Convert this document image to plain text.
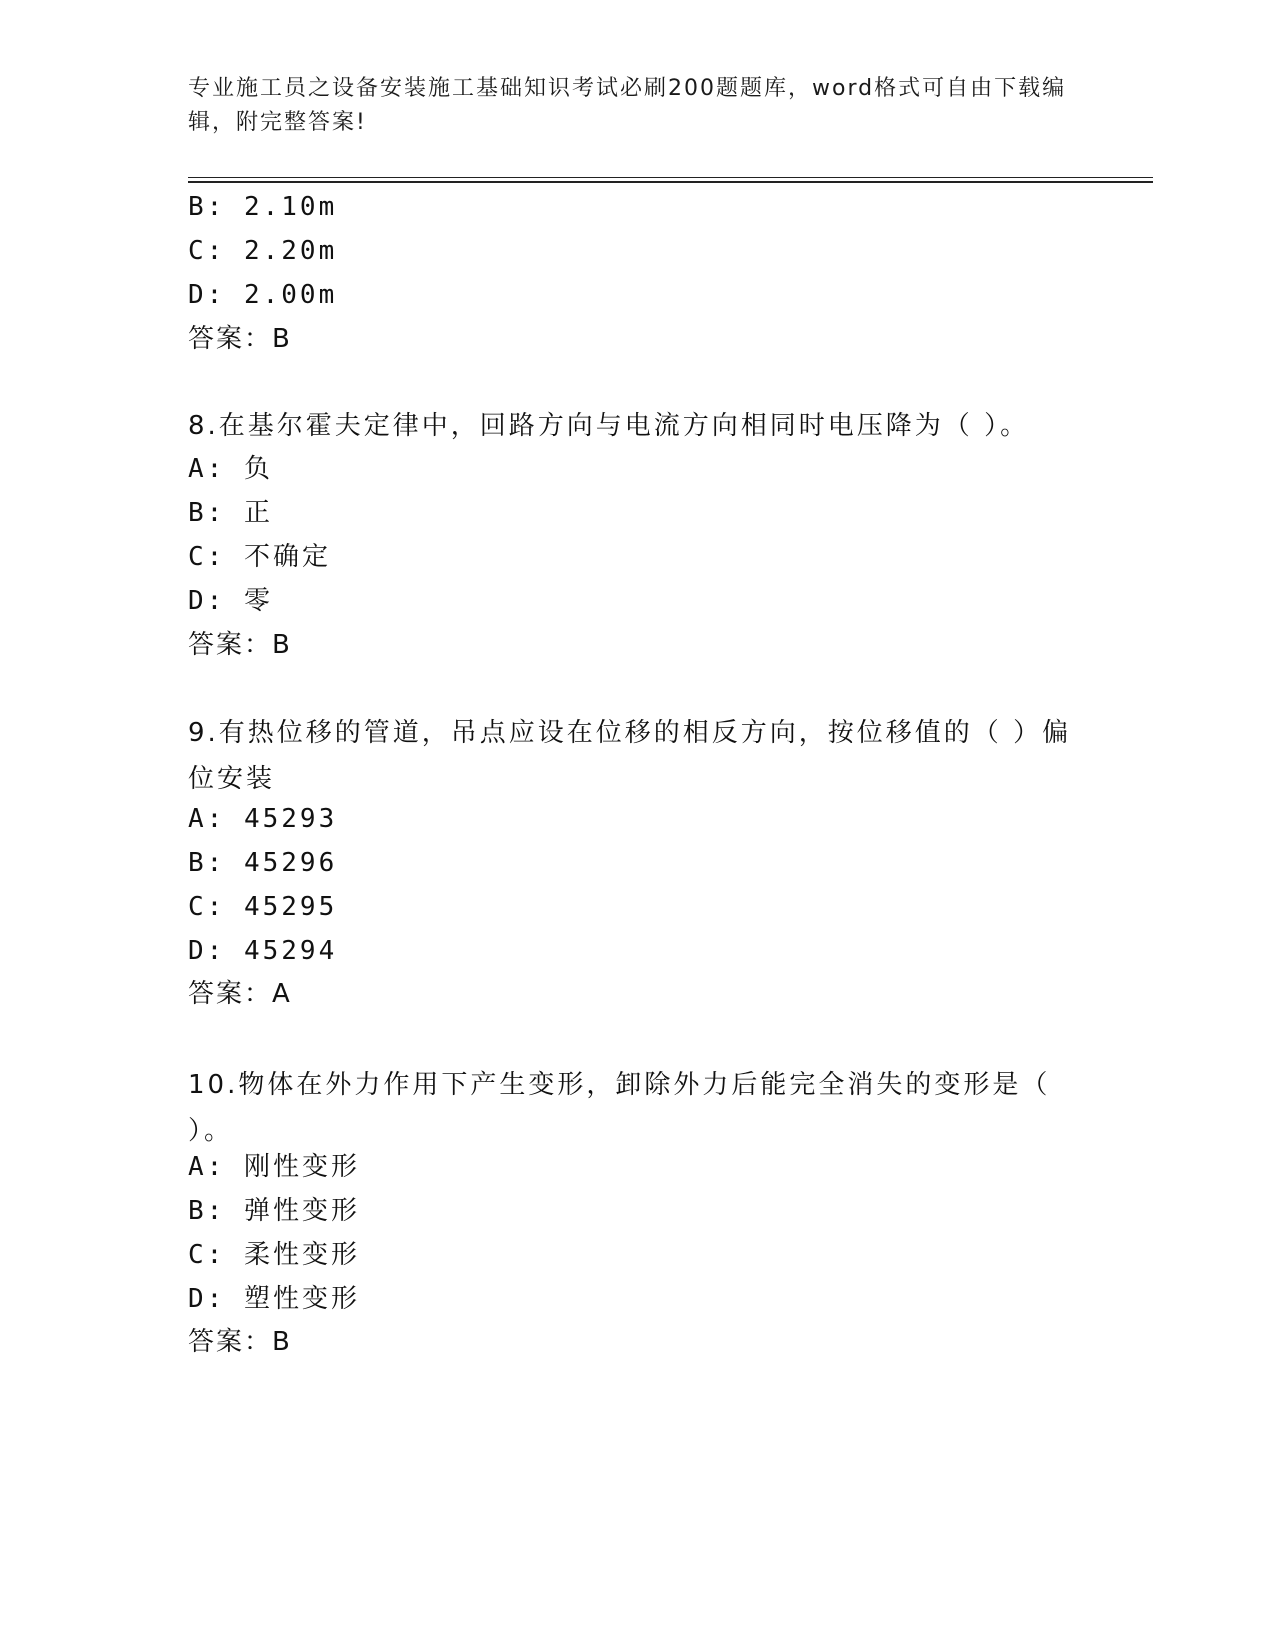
专业施工员之设备安装施工基础知识考试必刷200题题库，word格式可自由下载编辑，附完整答案!
B: 2.10m
C: 2.20m
D: 2.00m
答案：B
8.在基尔霍夫定律中，回路方向与电流方向相同时电压降为（ ）。
A: 负
B: 正
C: 不确定
D: 零
答案：B
9.有热位移的管道，吊点应设在位移的相反方向，按位移值的（ ）偏位安装
A: 45293
B: 45296
C: 45295
D: 45294
答案：A
10.物体在外力作用下产生变形，卸除外力后能完全消失的变形是（ ）。
A: 刚性变形
B: 弹性变形
C: 柔性变形
D: 塑性变形
答案：B
